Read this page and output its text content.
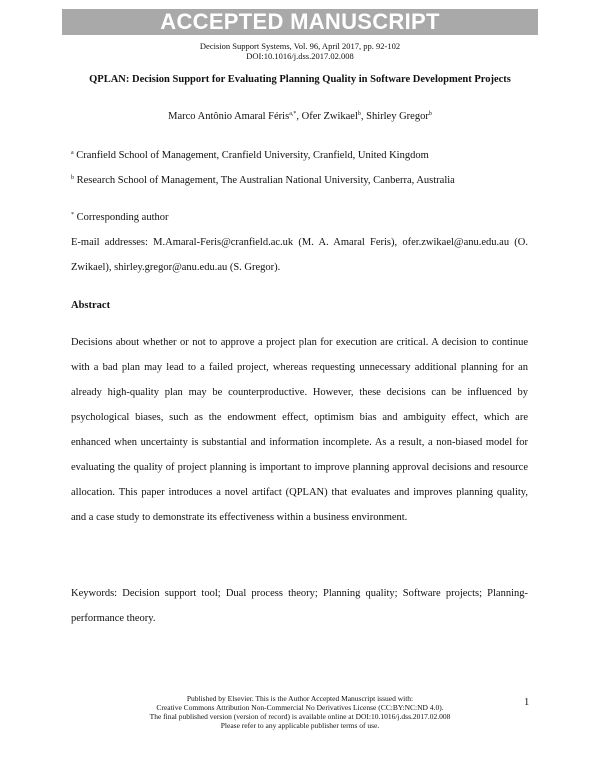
ACCEPTED MANUSCRIPT
Decision Support Systems, Vol. 96, April 2017, pp. 92-102
DOI:10.1016/j.dss.2017.02.008
QPLAN: Decision Support for Evaluating Planning Quality in Software Development Projects
Marco Antônio Amaral Féris$^{a,*}$, Ofer Zwikael$^b$, Shirley Gregor$^b$
$^a$ Cranfield School of Management, Cranfield University, Cranfield, United Kingdom
$^b$ Research School of Management, The Australian National University, Canberra, Australia
* Corresponding author
E-mail addresses: M.Amaral-Feris@cranfield.ac.uk (M. A. Amaral Feris), ofer.zwikael@anu.edu.au (O. Zwikael), shirley.gregor@anu.edu.au (S. Gregor).
Abstract
Decisions about whether or not to approve a project plan for execution are critical. A decision to continue with a bad plan may lead to a failed project, whereas requesting unnecessary additional planning for an already high-quality plan may be counterproductive. However, these decisions can be influenced by psychological biases, such as the endowment effect, optimism bias and ambiguity effect, which are enhanced when uncertainty is substantial and information incomplete. As a result, a non-biased model for evaluating the quality of project planning is important to improve planning approval decisions and resource allocation. This paper introduces a novel artifact (QPLAN) that evaluates and improves planning quality, and a case study to demonstrate its effectiveness within a business environment.
Keywords: Decision support tool; Dual process theory; Planning quality; Software projects; Planning-performance theory.
Published by Elsevier. This is the Author Accepted Manuscript issued with:
Creative Commons Attribution Non-Commercial No Derivatives License (CC:BY:NC:ND 4.0).
The final published version (version of record) is available online at DOI:10.1016/j.dss.2017.02.008
Please refer to any applicable publisher terms of use.
1
